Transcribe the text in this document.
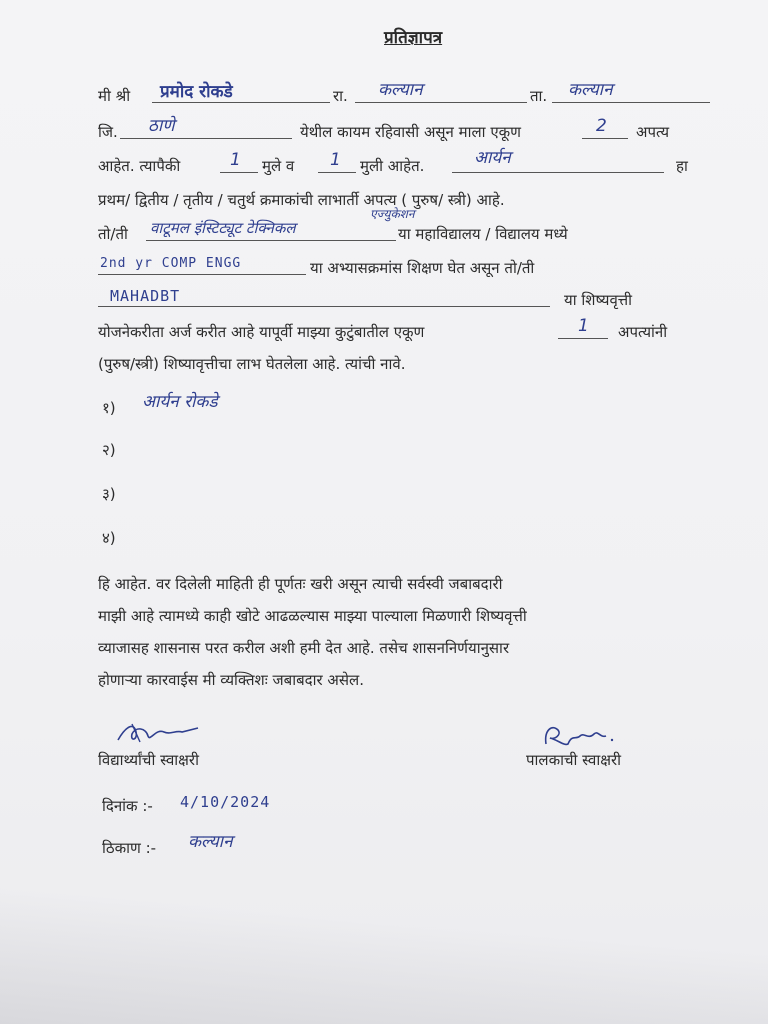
प्रतिज्ञापत्र
मी श्री प्रमोद रोकडे	रा. कल्यान	ता. कल्यान
जि. ठाणे	येथील कायम रहिवासी असून माला एकूण	2 अपत्य
आहेत. त्यापैकी	1 मुले व 1 मुली आहेत.	आर्यन	हा
प्रथम/ द्वितीय / तृतीय / चतुर्थ क्रमाकांची लाभार्ती अपत्य ( पुरुष/ स्त्री) आहे.
तो/ती
एज्युकेशन
वाटूमल इंस्टिट्यूट टेक्निकल	या महाविद्यालय / विद्यालय मध्ये
2nd yr COMP ENGG	या अभ्यासक्रमांस शिक्षण घेत असून तो/ती
MAHADBT	या शिष्यवृत्ती
योजनेकरीता अर्ज करीत आहे यापूर्वी माझ्या कुटुंबातील एकूण	1 अपत्यांनी
(पुरुष/स्त्री) शिष्यावृत्तीचा लाभ घेतलेला आहे. त्यांची नावे.
१) आर्यन रोकडे
२)
३)
४)
हि आहेत. वर दिलेली माहिती ही पूर्णतः खरी असून त्याची सर्वस्वी जबाबदारी
माझी आहे त्यामध्ये काही खोटे आढळल्यास माझ्या पाल्याला मिळणारी शिष्यवृत्ती
व्याजासह शासनास परत करील अशी हमी देत आहे. तसेच शासननिर्णयानुसार
होणाऱ्या कारवाईस मी व्यक्तिशः जबाबदार असेल.
विद्यार्थ्यांची स्वाक्षरी	पालकाची स्वाक्षरी
दिनांक :- 4/10/2024
ठिकाण :- कल्यान
